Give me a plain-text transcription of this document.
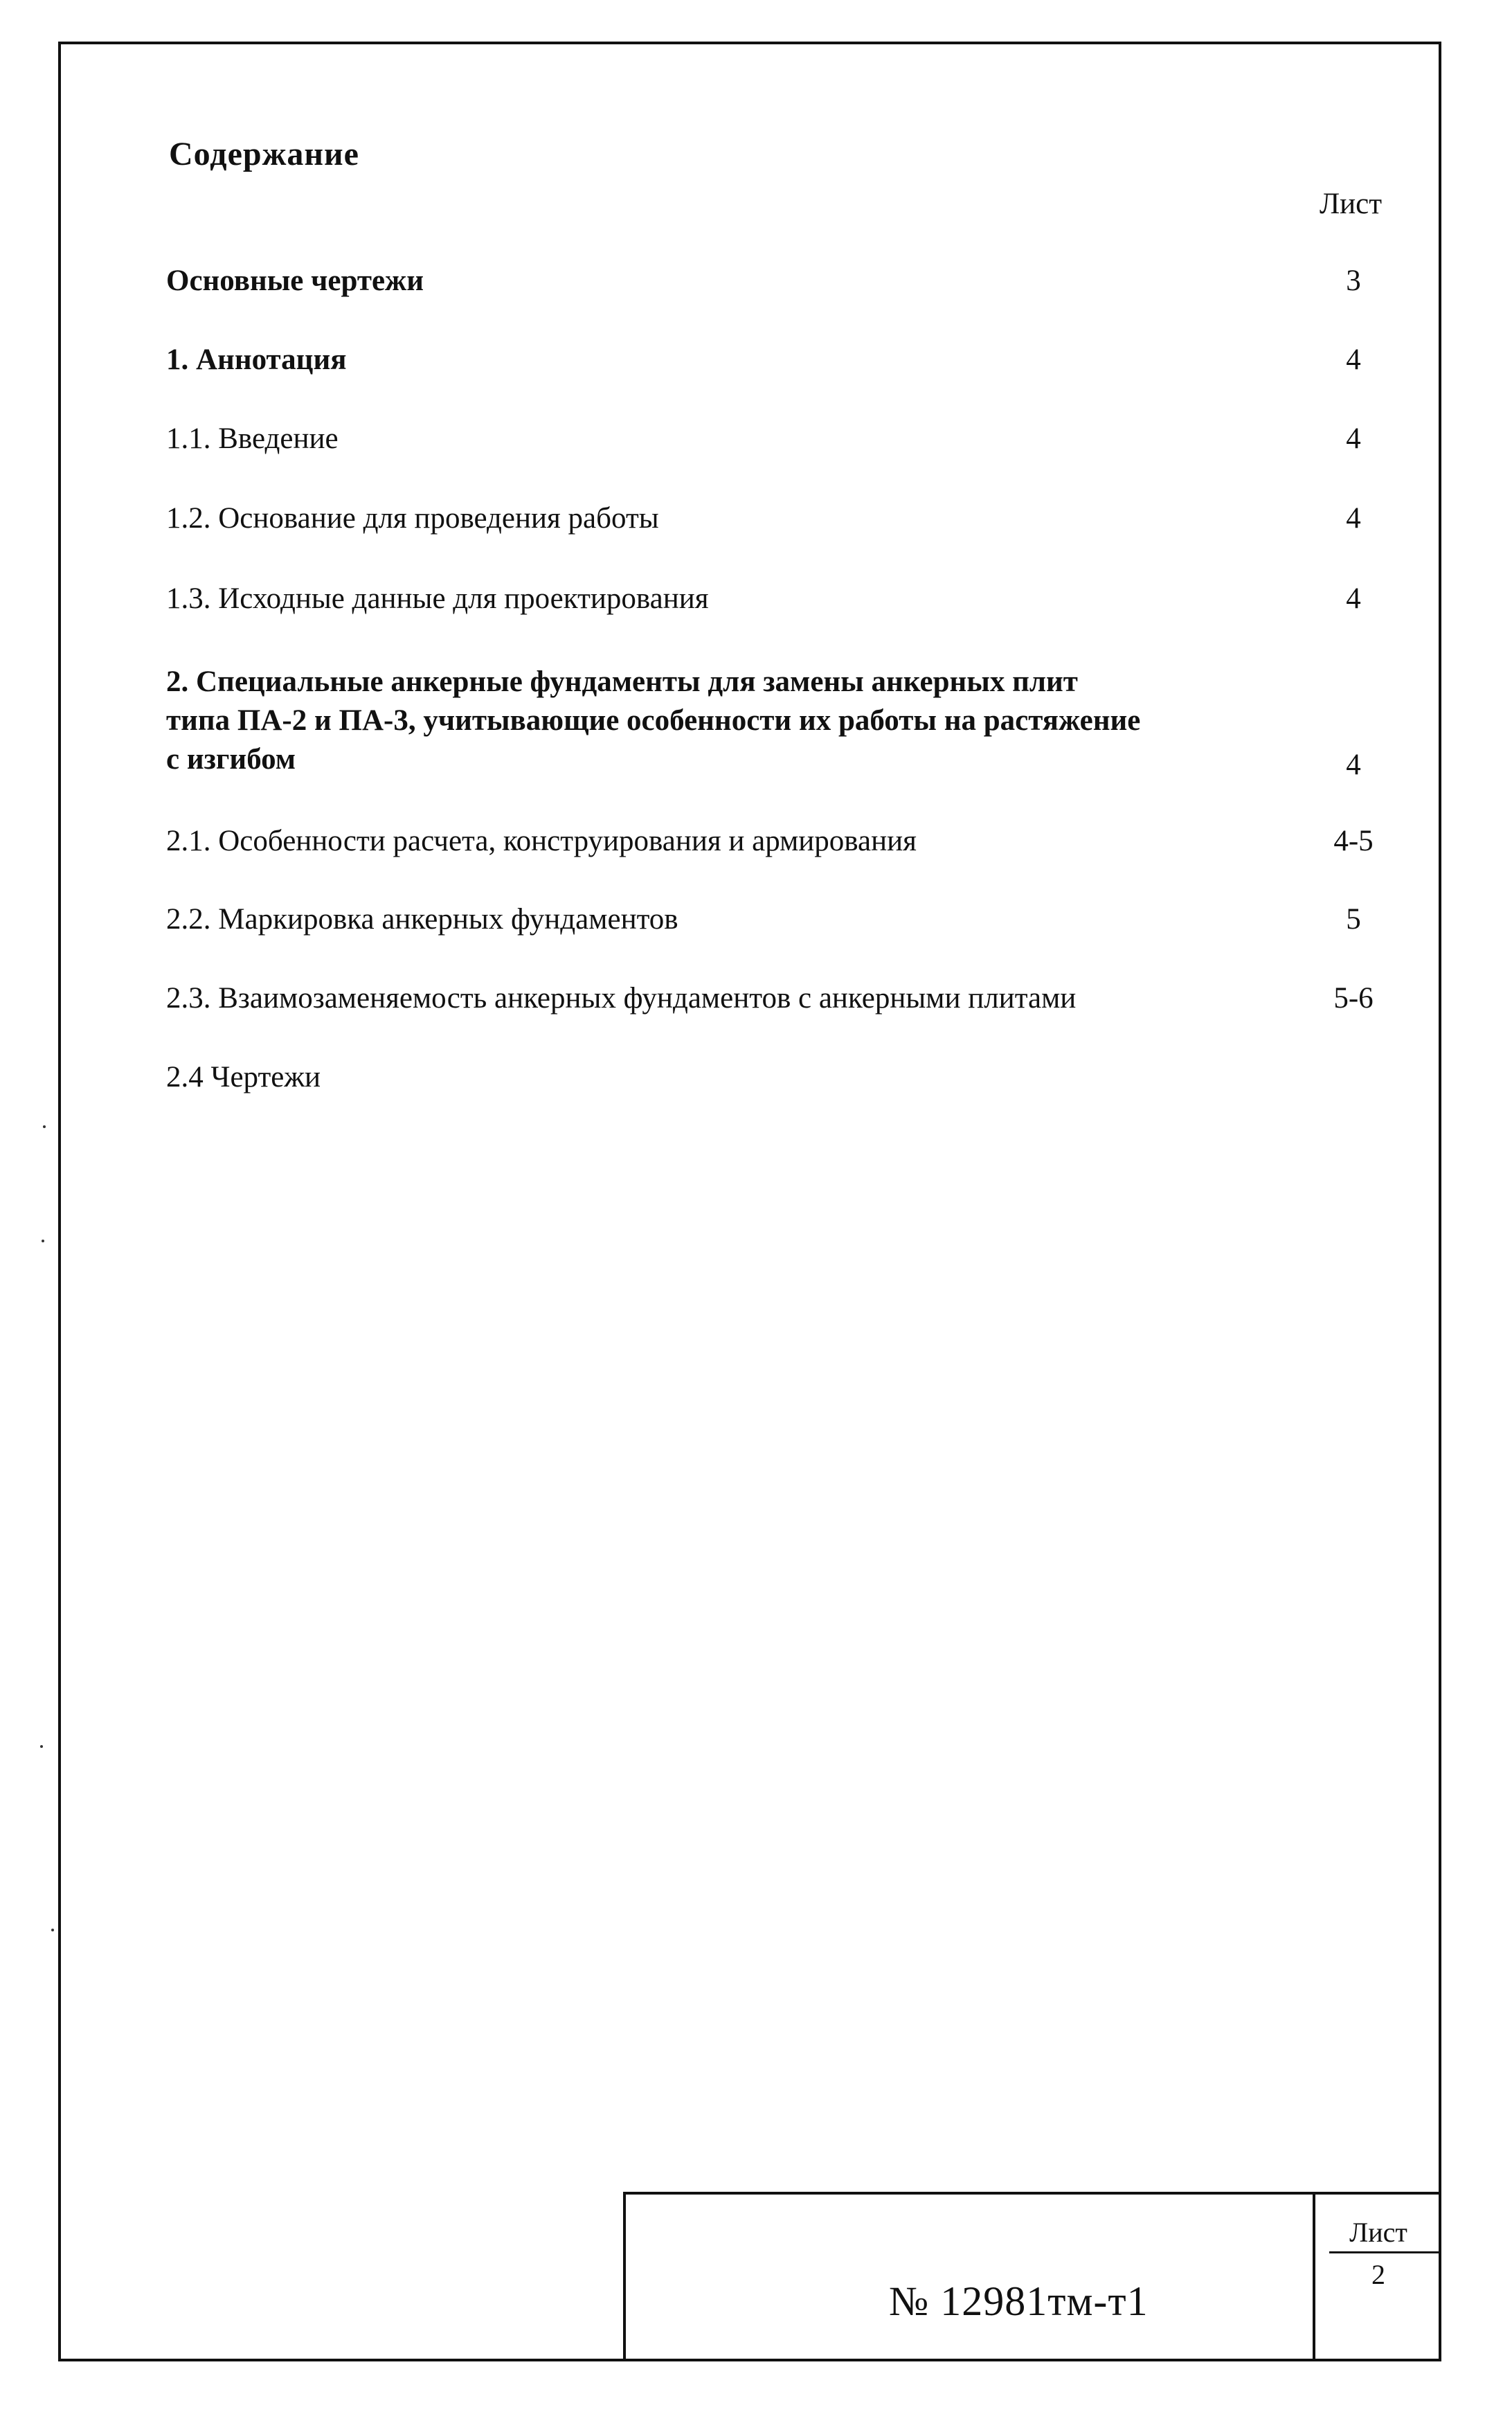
Содержание
Лист
Основные чертежи	3
1. Аннотация	4
1.1. Введение	4
1.2. Основание для проведения работы	4
1.3. Исходные данные для проектирования	4
2. Специальные анкерные фундаменты для замены анкерных плит
типа ПА-2 и ПА-3, учитывающие особенности их работы на растяжение
с изгибом	4
2.1. Особенности расчета, конструирования и армирования	4-5
2.2. Маркировка анкерных фундаментов	5
2.3. Взаимозаменяемость анкерных фундаментов с анкерными плитами	5-6
2.4 Чертежи
№ 12981тм-т1
Лист
2
